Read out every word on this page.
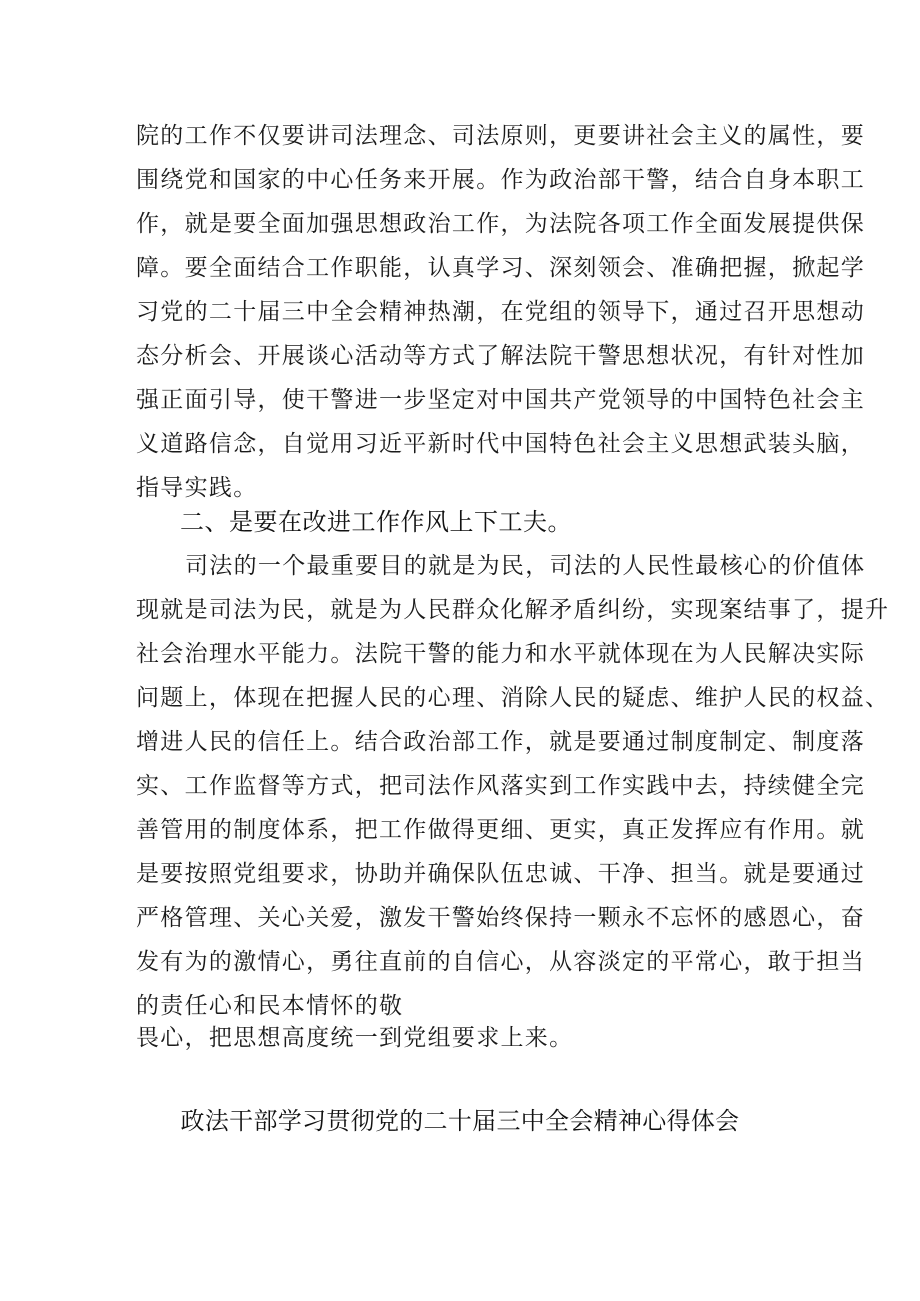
院的工作不仅要讲司法理念、司法原则，更要讲社会主义的属性，要
围绕党和国家的中心任务来开展。作为政治部干警，结合自身本职工
作，就是要全面加强思想政治工作，为法院各项工作全面发展提供保
障。要全面结合工作职能，认真学习、深刻领会、准确把握，掀起学
习党的二十届三中全会精神热潮，在党组的领导下，通过召开思想动
态分析会、开展谈心活动等方式了解法院干警思想状况，有针对性加
强正面引导，使干警进一步坚定对中国共产党领导的中国特色社会主
义道路信念，自觉用习近平新时代中国特色社会主义思想武装头脑，
指导实践。
二、是要在改进工作作风上下工夫。
司法的一个最重要目的就是为民，司法的人民性最核心的价值体
现就是司法为民，就是为人民群众化解矛盾纠纷，实现案结事了，提升
社会治理水平能力。法院干警的能力和水平就体现在为人民解决实际
问题上，体现在把握人民的心理、消除人民的疑虑、维护人民的权益、
增进人民的信任上。结合政治部工作，就是要通过制度制定、制度落
实、工作监督等方式，把司法作风落实到工作实践中去，持续健全完
善管用的制度体系，把工作做得更细、更实，真正发挥应有作用。就
是要按照党组要求，协助并确保队伍忠诚、干净、担当。就是要通过
严格管理、关心关爱，激发干警始终保持一颗永不忘怀的感恩心，奋
发有为的激情心，勇往直前的自信心，从容淡定的平常心，敢于担当
的责任心和民本情怀的敬
畏心，把思想高度统一到党组要求上来。
政法干部学习贯彻党的二十届三中全会精神心得体会
